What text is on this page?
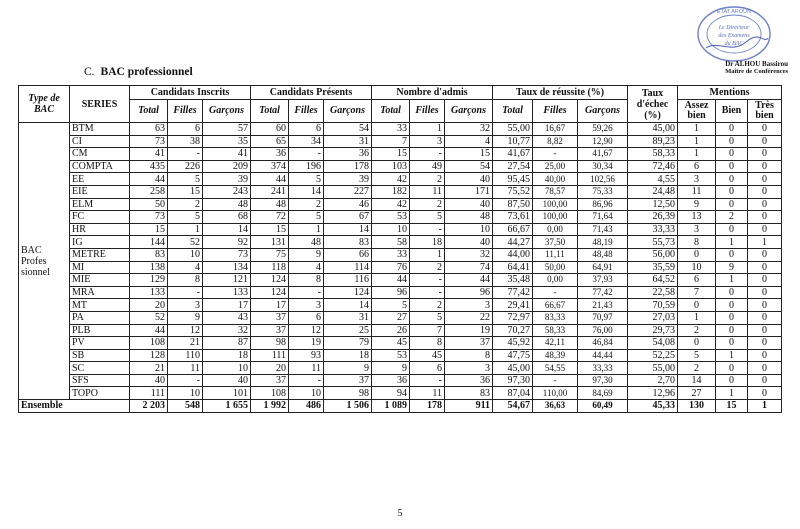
ETAT AROUN
Le Directeur
des Examens
du BAC
Dr ALHOU Bassirou
Maître de Conférences
C. BAC professionnel
Type de BAC	SERIES	Candidats Inscrits			Candidats Présents			Nombre d'admis			Taux de réussite (%)			Taux d'échec (%)	Mentions		
		Total	Filles	Garçons	Total	Filles	Garçons	Total	Filles	Garçons	Total	Filles	Garçons		Assez bien	Bien	Très bien
BAC Profes sionnel	BTM	63	6	57	60	6	54	33	1	32	55,00	16,67	59,26	45,00	1	0	0
	CI	73	38	35	65	34	31	7	3	4	10,77	8,82	12,90	89,23	1	0	0
	CM	41	-	41	36	-	36	15	-	15	41,67	-	41,67	58,33	1	0	0
	COMPTA	435	226	209	374	196	178	103	49	54	27,54	25,00	30,34	72,46	6	0	0
	EE	44	5	39	44	5	39	42	2	40	95,45	40,00	102,56	4,55	3	0	0
	EIE	258	15	243	241	14	227	182	11	171	75,52	78,57	75,33	24,48	11	0	0
	ELM	50	2	48	48	2	46	42	2	40	87,50	100,00	86,96	12,50	9	0	0
	FC	73	5	68	72	5	67	53	5	48	73,61	100,00	71,64	26,39	13	2	0
	HR	15	1	14	15	1	14	10	-	10	66,67	0,00	71,43	33,33	3	0	0
	IG	144	52	92	131	48	83	58	18	40	44,27	37,50	48,19	55,73	8	1	1
	METRE	83	10	73	75	9	66	33	1	32	44,00	11,11	48,48	56,00	0	0	0
	MI	138	4	134	118	4	114	76	2	74	64,41	50,00	64,91	35,59	10	9	0
	MIE	129	8	121	124	8	116	44	-	44	35,48	0,00	37,93	64,52	6	1	0
	MRA	133	-	133	124	-	124	96	-	96	77,42	-	77,42	22,58	7	0	0
	MT	20	3	17	17	3	14	5	2	3	29,41	66,67	21,43	70,59	0	0	0
	PA	52	9	43	37	6	31	27	5	22	72,97	83,33	70,97	27,03	1	0	0
	PLB	44	12	32	37	12	25	26	7	19	70,27	58,33	76,00	29,73	2	0	0
	PV	108	21	87	98	19	79	45	8	37	45,92	42,11	46,84	54,08	0	0	0
	SB	128	110	18	111	93	18	53	45	8	47,75	48,39	44,44	52,25	5	1	0
	SC	21	11	10	20	11	9	9	6	3	45,00	54,55	33,33	55,00	2	0	0
	SFS	40	-	40	37	-	37	36	-	36	97,30	-	97,30	2,70	14	0	0
	TOPO	111	10	101	108	10	98	94	11	83	87,04	110,00	84,69	12,96	27	1	0
Ensemble		2 203	548	1 655	1 992	486	1 506	1 089	178	911	54,67	36,63	60,49	45,33	130	15	1
5
